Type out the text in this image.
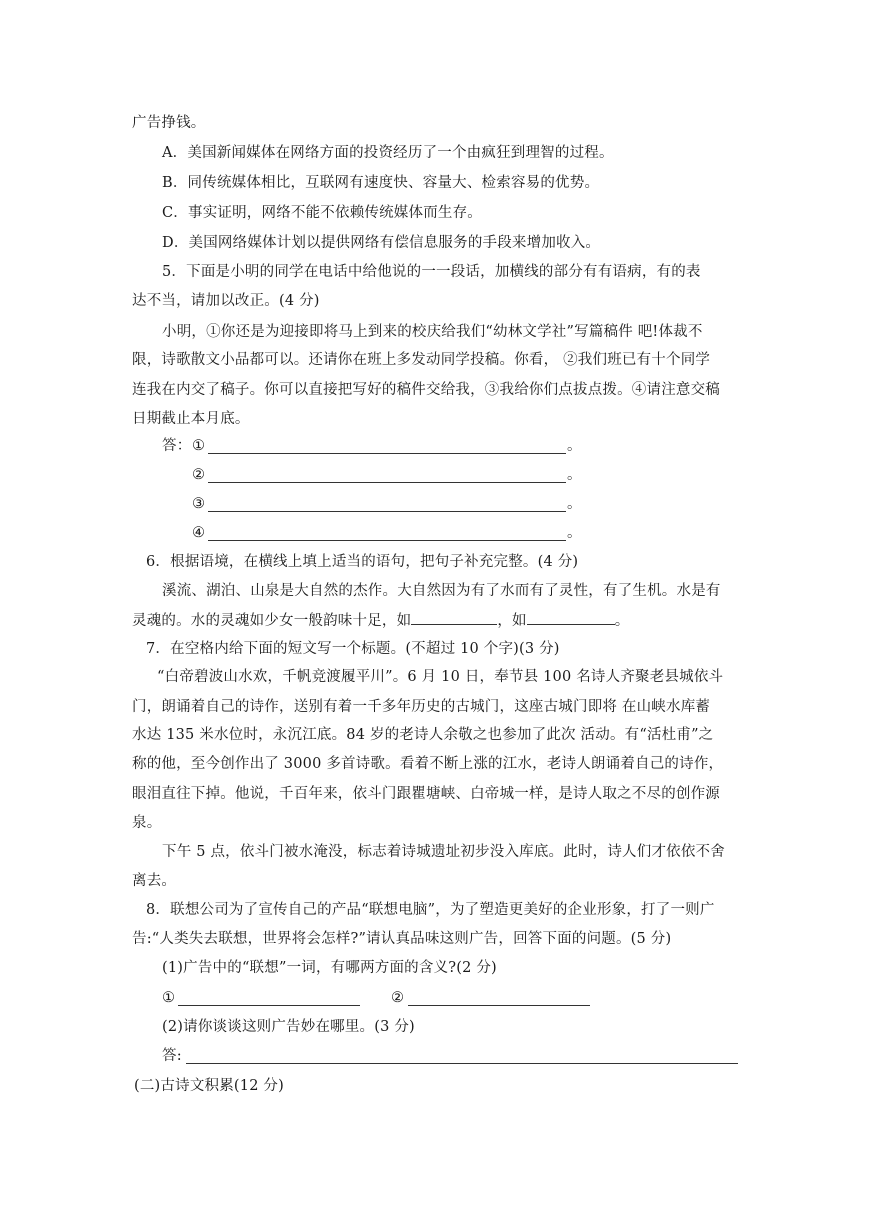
广告挣钱。
A．美国新闻媒体在网络方面的投资经历了一个由疯狂到理智的过程。
B．同传统媒体相比，互联网有速度快、容量大、检索容易的优势。
C．事实证明，网络不能不依赖传统媒体而生存。
D．美国网络媒体计划以提供网络有偿信息服务的手段来增加收入。
5．下面是小明的同学在电话中给他说的一一段话，加横线的部分有有语病，有的表
达不当，请加以改正。(4 分)
小明，①你还是为迎接即将马上到来的校庆给我们“幼林文学社”写篇稿件 吧!体裁不
限，诗歌散文小品都可以。还请你在班上多发动同学投稿。你看， ②我们班已有十个同学
连我在内交了稿子。你可以直接把写好的稿件交给我，③我给你们点拔点拨。④请注意交稿
日期截止本月底。
答： ①	。
②	。
③	。
④	。
6．根据语境，在横线上填上适当的语句，把句子补充完整。(4 分)
溪流、湖泊、山泉是大自然的杰作。大自然因为有了水而有了灵性，有了生机。水是有
灵魂的。水的灵魂如少女一般韵味十足，如	，如	。
7．在空格内给下面的短文写一个标题。(不超过 10 个字)(3 分)
“白帝碧波山水欢，千帆竞渡履平川”。6 月 10 日，奉节县 100 名诗人齐聚老县城依斗
门，朗诵着自己的诗作，送别有着一千多年历史的古城门，这座古城门即将 在山峡水库蓄
水达 135 米水位时，永沉江底。84 岁的老诗人余敬之也参加了此次 活动。有“活杜甫”之
称的他，至今创作出了 3000 多首诗歌。看着不断上涨的江水，老诗人朗诵着自己的诗作，
眼泪直往下掉。他说，千百年来，依斗门跟瞿塘峡、白帝城一样，是诗人取之不尽的创作源
泉。
下午 5 点，依斗门被水淹没，标志着诗城遗址初步没入库底。此时，诗人们才依依不舍
离去。
8．联想公司为了宣传自己的产品“联想电脑”，为了塑造更美好的企业形象，打了一则广
告:“人类失去联想，世界将会怎样?”请认真品味这则广告，回答下面的问题。(5 分)
(1)广告中的“联想”一词，有哪两方面的含义?(2 分)
①	②
(2)请你谈谈这则广告妙在哪里。(3 分)
答:
(二)古诗文积累(12 分)
